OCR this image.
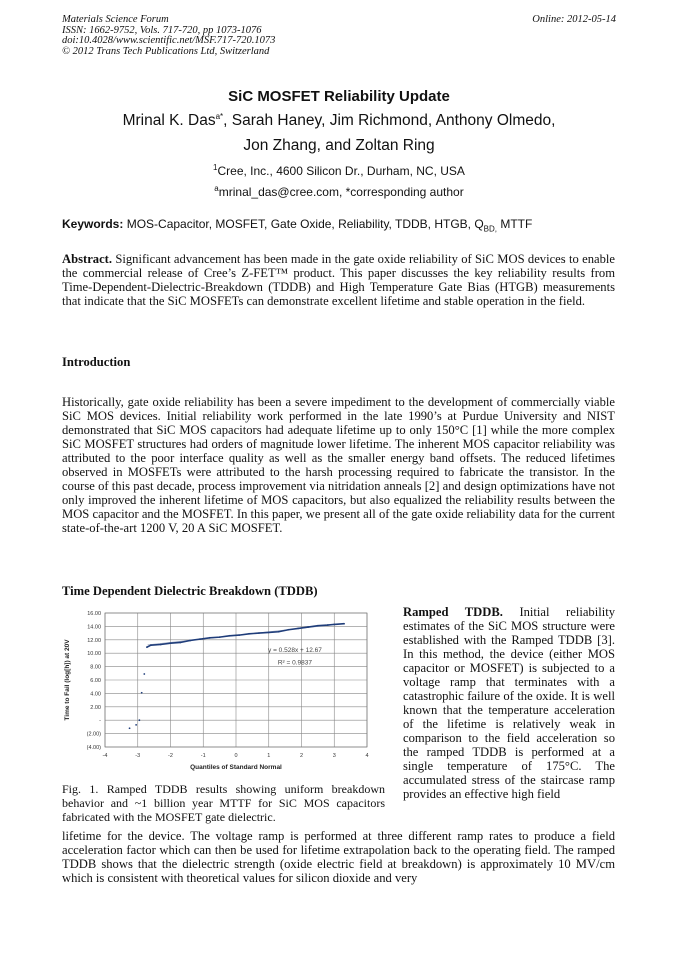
Materials Science Forum
ISSN: 1662-9752, Vols. 717-720, pp 1073-1076
doi:10.4028/www.scientific.net/MSF.717-720.1073
© 2012 Trans Tech Publications Ltd, Switzerland
Online: 2012-05-14
SiC MOSFET Reliability Update
Mrinal K. Das$^{a*}$, Sarah Haney, Jim Richmond, Anthony Olmedo,
Jon Zhang, and Zoltan Ring
$^1$Cree, Inc., 4600 Silicon Dr., Durham, NC, USA
$^a$mrinal_das@cree.com, *corresponding author
Keywords: MOS-Capacitor, MOSFET, Gate Oxide, Reliability, TDDB, HTGB, $Q_{BD,}$ MTTF
Abstract. Significant advancement has been made in the gate oxide reliability of SiC MOS devices to enable the commercial release of Cree’s Z-FET™ product. This paper discusses the key reliability results from Time-Dependent-Dielectric-Breakdown (TDDB) and High Temperature Gate Bias (HTGB) measurements that indicate that the SiC MOSFETs can demonstrate excellent lifetime and stable operation in the field.
Introduction
Historically, gate oxide reliability has been a severe impediment to the development of commercially viable SiC MOS devices. Initial reliability work performed in the late 1990’s at Purdue University and NIST demonstrated that SiC MOS capacitors had adequate lifetime up to only 150°C [1] while the more complex SiC MOSFET structures had orders of magnitude lower lifetime. The inherent MOS capacitor reliability was attributed to the poor interface quality as well as the smaller energy band offsets. The reduced lifetimes observed in MOSFETs were attributed to the harsh processing required to fabricate the transistor. In the course of this past decade, process improvement via nitridation anneals [2] and design optimizations have not only improved the inherent lifetime of MOS capacitors, but also equalized the reliability results between the MOS capacitor and the MOSFET. In this paper, we present all of the gate oxide reliability data for the current state-of-the-art 1200 V, 20 A SiC MOSFET.
Time Dependent Dielectric Breakdown (TDDB)
(4.00)
(2.00)
-
2.00
4.00
6.00
8.00
10.00
12.00
14.00
16.00
-4	-3	-2	-1	0	1	2	3	4
y = 0.528x + 12.67
R² = 0.9837
Quantiles of Standard Normal
Time to Fail (log[h]) at 20V
Fig. 1. Ramped TDDB results showing uniform breakdown behavior and ~1 billion year MTTF for SiC MOS capacitors fabricated with the MOSFET gate dielectric.
Ramped TDDB. Initial reliability estimates of the SiC MOS structure were established with the Ramped TDDB [3]. In this method, the device (either MOS capacitor or MOSFET) is subjected to a voltage ramp that terminates with a catastrophic failure of the oxide. It is well known that the temperature acceleration of the lifetime is relatively weak in comparison to the field acceleration so the ramped TDDB is performed at a single temperature of 175°C. The accumulated stress of the staircase ramp provides an effective high field
lifetime for the device. The voltage ramp is performed at three different ramp rates to produce a field acceleration factor which can then be used for lifetime extrapolation back to the operating field. The ramped TDDB shows that the dielectric strength (oxide electric field at breakdown) is approximately 10 MV/cm which is consistent with theoretical values for silicon dioxide and very
